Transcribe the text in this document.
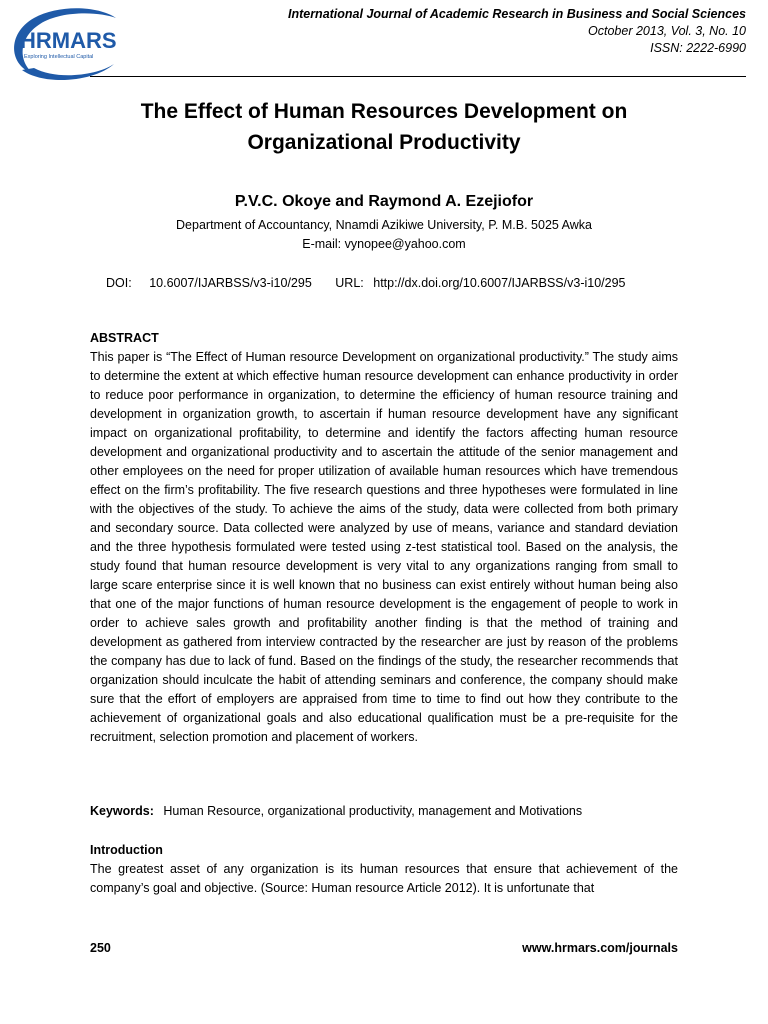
HRMARS
Exploring Intellectual Capital
International Journal of Academic Research in Business and Social Sciences
October 2013, Vol. 3, No. 10
ISSN: 2222-6990
The Effect of Human Resources Development on
Organizational Productivity
P.V.C. Okoye and Raymond A. Ezejiofor
Department of Accountancy, Nnamdi Azikiwe University, P. M.B. 5025 Awka
E-mail: vynopee@yahoo.com
DOI: 10.6007/IJARBSS/v3-i10/295 URL: http://dx.doi.org/10.6007/IJARBSS/v3-i10/295
ABSTRACT
This paper is “The Effect of Human resource Development on organizational productivity.” The study aims to determine the extent at which effective human resource development can enhance productivity in order to reduce poor performance in organization, to determine the efficiency of human resource training and development in organization growth, to ascertain if human resource development have any significant impact on organizational profitability, to determine and identify the factors affecting human resource development and organizational productivity and to ascertain the attitude of the senior management and other employees on the need for proper utilization of available human resources which have tremendous effect on the firm’s profitability. The five research questions and three hypotheses were formulated in line with the objectives of the study. To achieve the aims of the study, data were collected from both primary and secondary source. Data collected were analyzed by use of means, variance and standard deviation and the three hypothesis formulated were tested using z-test statistical tool. Based on the analysis, the study found that human resource development is very vital to any organizations ranging from small to large scare enterprise since it is well known that no business can exist entirely without human being also that one of the major functions of human resource development is the engagement of people to work in order to achieve sales growth and profitability another finding is that the method of training and development as gathered from interview contracted by the researcher are just by reason of the problems the company has due to lack of fund. Based on the findings of the study, the researcher recommends that organization should inculcate the habit of attending seminars and conference, the company should make sure that the effort of employers are appraised from time to time to find out how they contribute to the achievement of organizational goals and also educational qualification must be a pre-requisite for the recruitment, selection promotion and placement of workers.
Keywords: Human Resource, organizational productivity, management and Motivations
Introduction
The greatest asset of any organization is its human resources that ensure that achievement of the company’s goal and objective. (Source: Human resource Article 2012). It is unfortunate that
250	www.hrmars.com/journals
